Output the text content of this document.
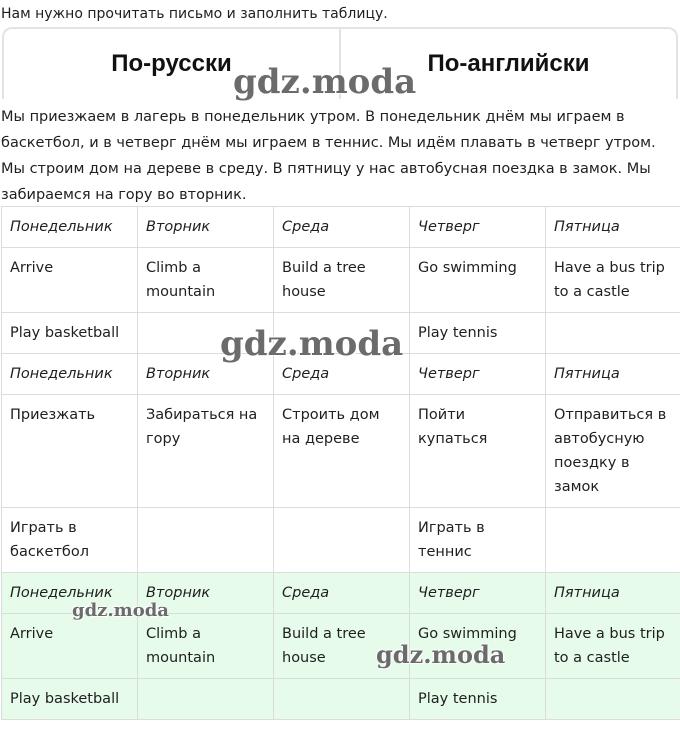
Нам нужно прочитать письмо и заполнить таблицу.
По-русски	По-английски
Мы приезжаем в лагерь в понедельник утром. В понедельник днём мы играем в баскетбол, и в четверг днём мы играем в теннис. Мы идём плавать в четверг утром. Мы строим дом на дереве в среду. В пятницу у нас автобусная поездка в замок. Мы забираемся на гору во вторник.
Понедельник	Вторник	Среда	Четверг	Пятница
Arrive	Climb a mountain	Build a tree house	Go swimming	Have a bus trip to a castle
Play basketball			Play tennis	
Понедельник	Вторник	Среда	Четверг	Пятница
Приезжать	Забираться на гору	Строить дом на дереве	Пойти купаться	Отправиться в автобусную поездку в замок
Играть в баскетбол			Играть в теннис	
Понедельник	Вторник	Среда	Четверг	Пятница
Arrive	Climb a mountain	Build a tree house	Go swimming	Have a bus trip to a castle
Play basketball			Play tennis	
gdz.moda
gdz.moda
gdz.moda
gdz.moda
